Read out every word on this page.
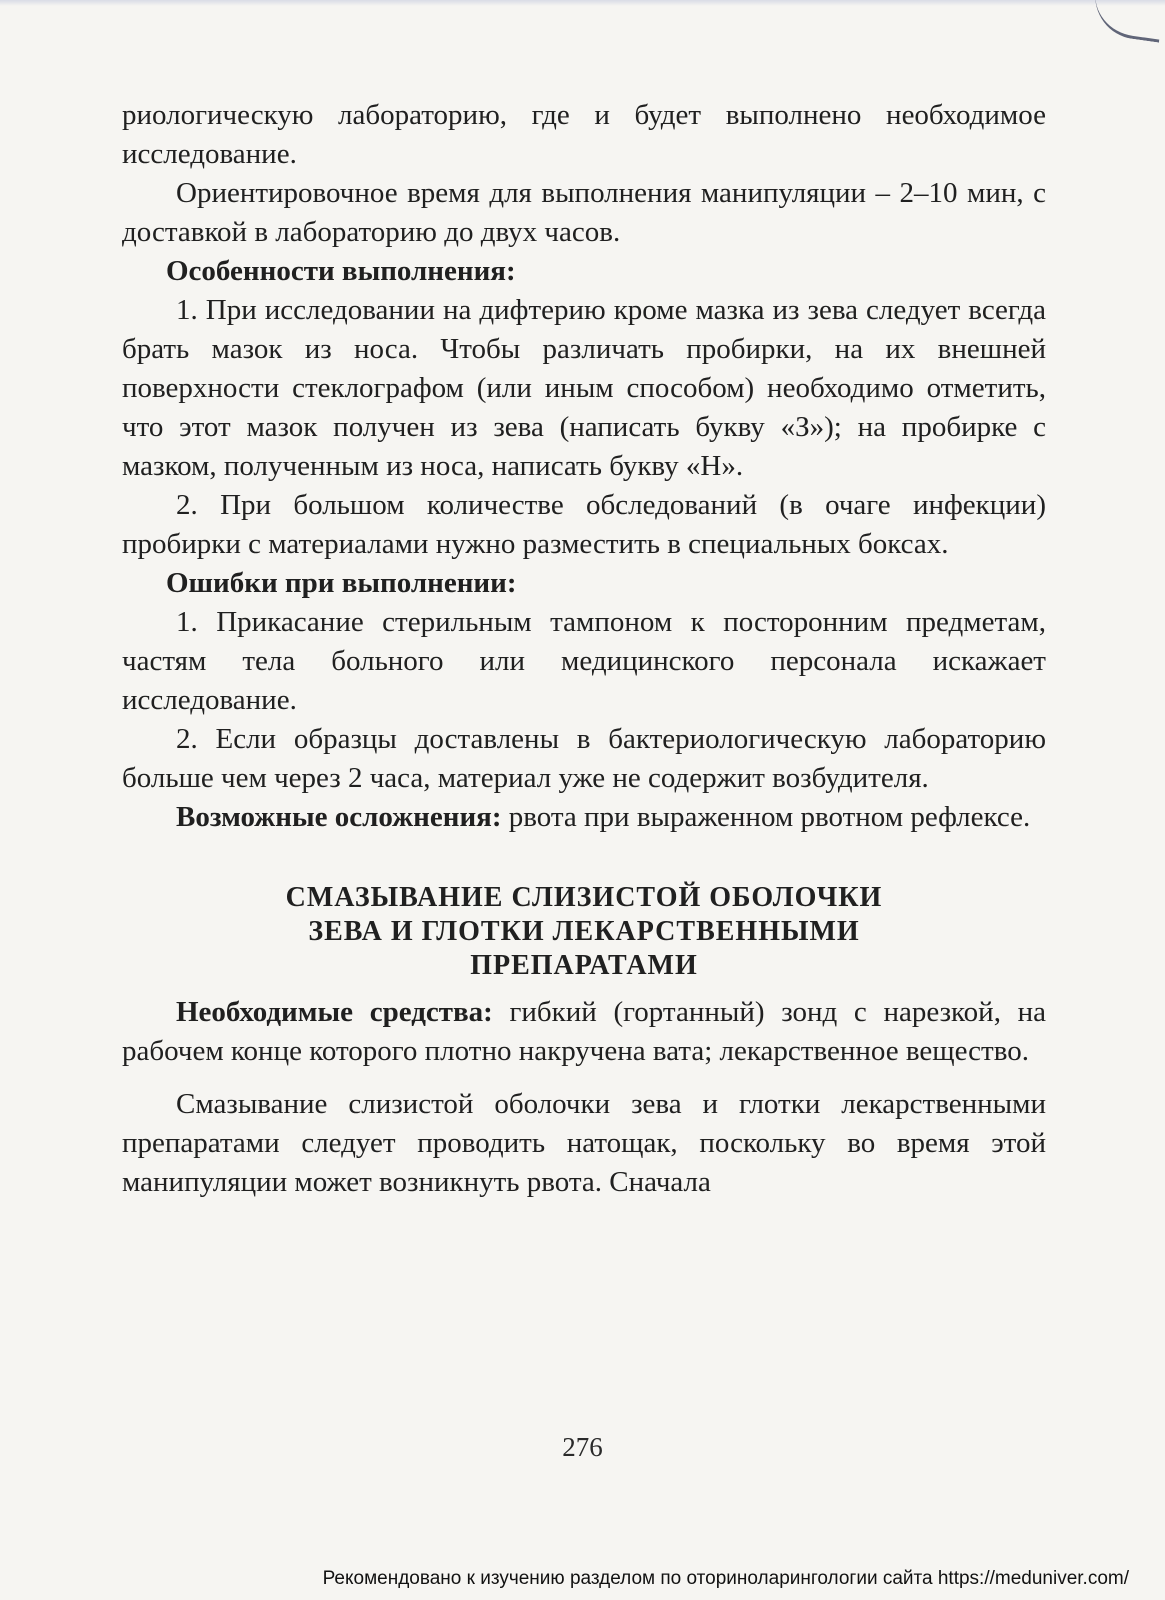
риологическую лабораторию, где и будет выполнено необходимое исследование.

Ориентировочное время для выполнения манипуляции – 2–10 мин, с доставкой в лабораторию до двух часов.

Особенности выполнения:

1. При исследовании на дифтерию кроме мазка из зева следует всегда брать мазок из носа. Чтобы различать пробирки, на их внешней поверхности стеклографом (или иным способом) необходимо отметить, что этот мазок получен из зева (написать букву «З»); на пробирке с мазком, полученным из носа, написать букву «Н».

2. При большом количестве обследований (в очаге инфекции) пробирки с материалами нужно разместить в специальных боксах.

Ошибки при выполнении:

1. Прикасание стерильным тампоном к посторонним предметам, частям тела больного или медицинского персонала искажает исследование.

2. Если образцы доставлены в бактериологическую лабораторию больше чем через 2 часа, материал уже не содержит возбудителя.

Возможные осложнения: рвота при выраженном рвотном рефлексе.

СМАЗЫВАНИЕ СЛИЗИСТОЙ ОБОЛОЧКИ
ЗЕВА И ГЛОТКИ ЛЕКАРСТВЕННЫМИ
ПРЕПАРАТАМИ

Необходимые средства: гибкий (гортанный) зонд с нарезкой, на рабочем конце которого плотно накручена вата; лекарственное вещество.

Смазывание слизистой оболочки зева и глотки лекарственными препаратами следует проводить натощак, поскольку во время этой манипуляции может возникнуть рвота. Сначала

276
Рекомендовано к изучению разделом по оториноларингологии сайта https://meduniver.com/
